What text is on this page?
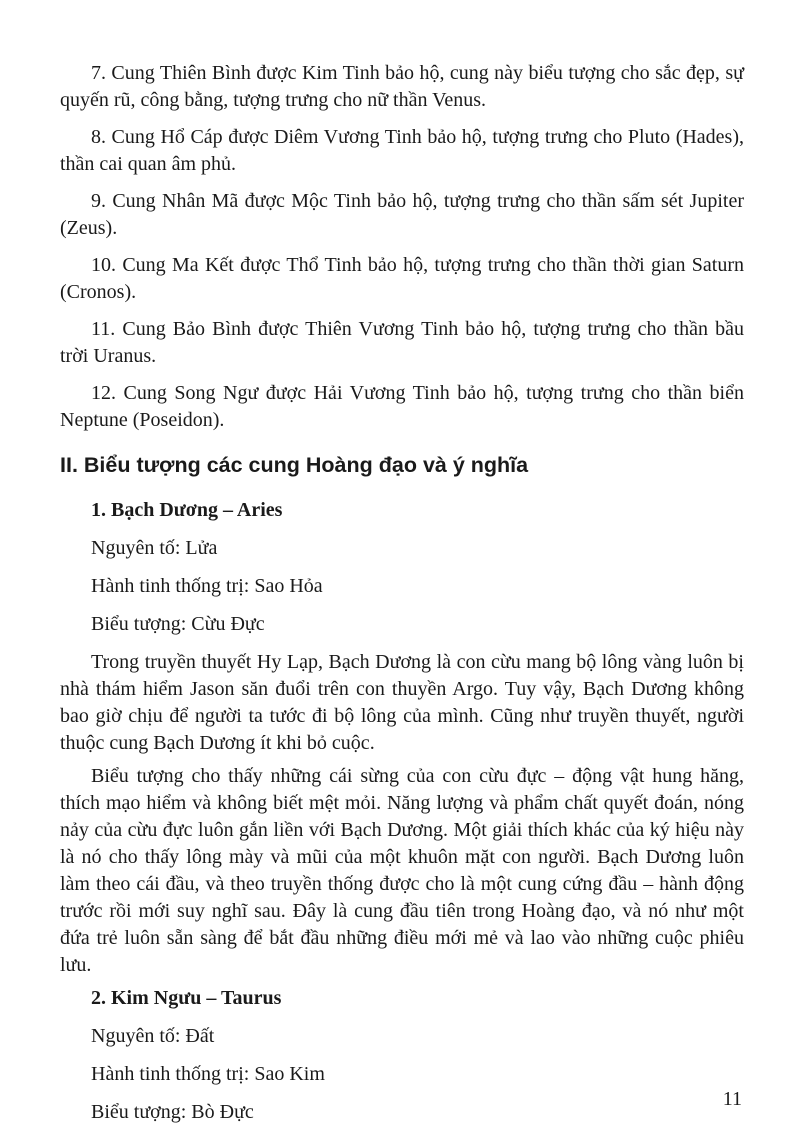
7. Cung Thiên Bình được Kim Tinh bảo hộ, cung này biểu tượng cho sắc đẹp, sự quyến rũ, công bằng, tượng trưng cho nữ thần Venus.

8. Cung Hổ Cáp được Diêm Vương Tinh bảo hộ, tượng trưng cho Pluto (Hades), thần cai quan âm phủ.

9. Cung Nhân Mã được Mộc Tinh bảo hộ, tượng trưng cho thần sấm sét Jupiter (Zeus).

10. Cung Ma Kết được Thổ Tinh bảo hộ, tượng trưng cho thần thời gian Saturn (Cronos).

11. Cung Bảo Bình được Thiên Vương Tinh bảo hộ, tượng trưng cho thần bầu trời Uranus.

12. Cung Song Ngư được Hải Vương Tinh bảo hộ, tượng trưng cho thần biển Neptune (Poseidon).

II. Biểu tượng các cung Hoàng đạo và ý nghĩa

1. Bạch Dương – Aries

Nguyên tố: Lửa

Hành tinh thống trị: Sao Hỏa

Biểu tượng: Cừu Đực

Trong truyền thuyết Hy Lạp, Bạch Dương là con cừu mang bộ lông vàng luôn bị nhà thám hiểm Jason săn đuổi trên con thuyền Argo. Tuy vậy, Bạch Dương không bao giờ chịu để người ta tước đi bộ lông của mình. Cũng như truyền thuyết, người thuộc cung Bạch Dương ít khi bỏ cuộc.

Biểu tượng cho thấy những cái sừng của con cừu đực – động vật hung hăng, thích mạo hiểm và không biết mệt mỏi. Năng lượng và phẩm chất quyết đoán, nóng nảy của cừu đực luôn gắn liền với Bạch Dương. Một giải thích khác của ký hiệu này là nó cho thấy lông mày và mũi của một khuôn mặt con người. Bạch Dương luôn làm theo cái đầu, và theo truyền thống được cho là một cung cứng đầu – hành động trước rồi mới suy nghĩ sau. Đây là cung đầu tiên trong Hoàng đạo, và nó như một đứa trẻ luôn sẵn sàng để bắt đầu những điều mới mẻ và lao vào những cuộc phiêu lưu.

2. Kim Ngưu – Taurus

Nguyên tố: Đất

Hành tinh thống trị: Sao Kim

Biểu tượng: Bò Đực

11
